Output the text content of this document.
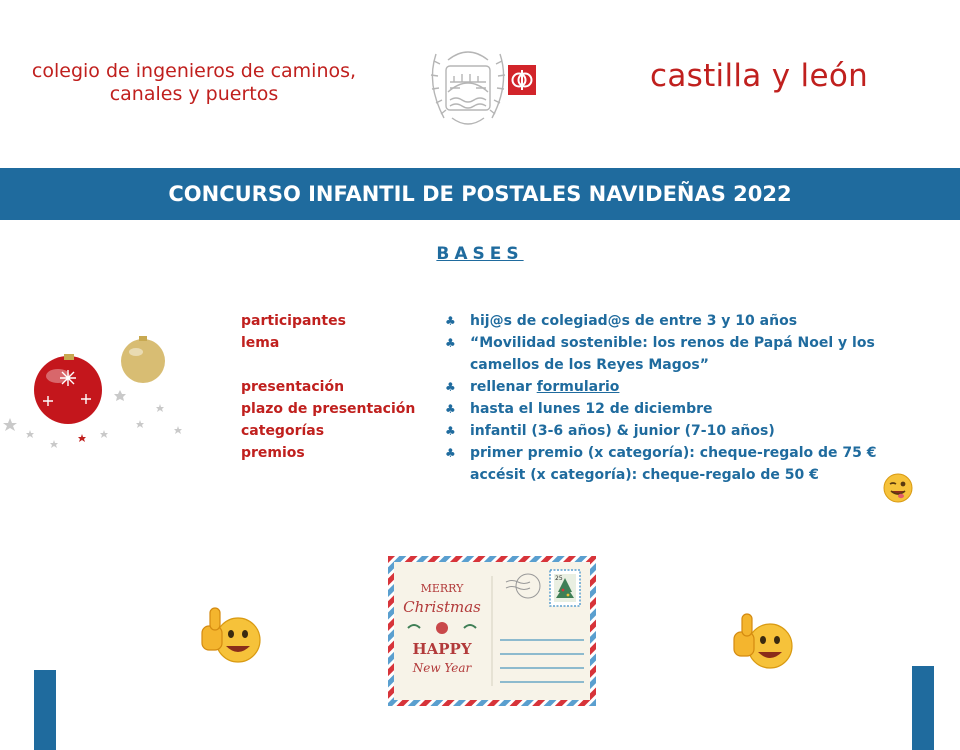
colegio de ingenieros de caminos,
canales y puertos	castilla y león
CONCURSO INFANTIL DE POSTALES NAVIDEÑAS 2022
BASES
participantes	♣ hij@s de colegiad@s de entre 3 y 10 años
lema	♣ “Movilidad sostenible: los renos de Papá Noel y los
camellos de los Reyes Magos”
presentación	♣ rellenar formulario
plazo de presentación ♣ hasta el lunes 12 de diciembre
categorías	♣ infantil (3-6 años) & junior (7-10 años)
premios	♣ primer premio (x categoría): cheque-regalo de 75 €
accésit (x categoría): cheque-regalo de 50 €
MERRY
Christmas
HAPPY
New Year
25
